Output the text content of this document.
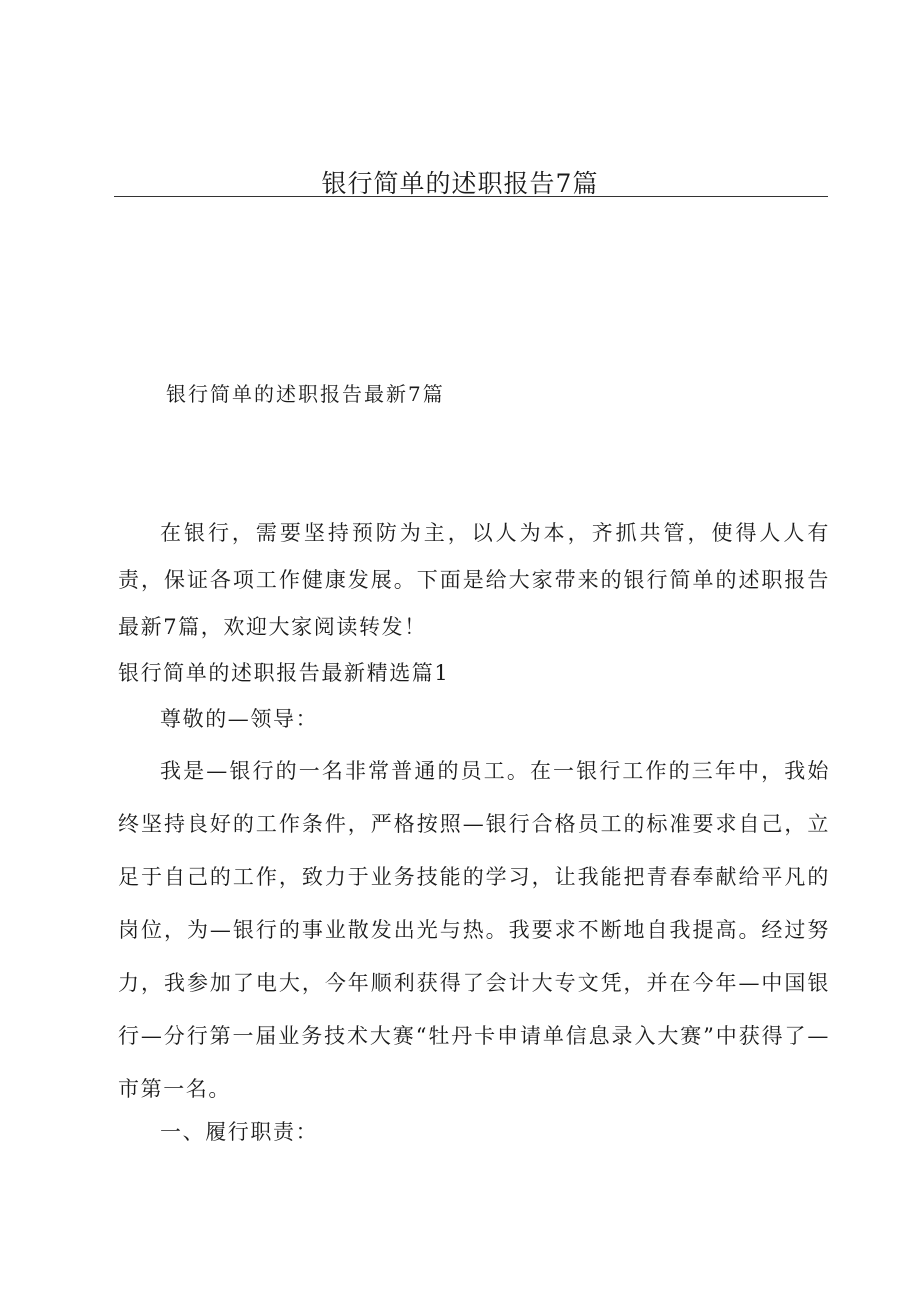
银行简单的述职报告7篇
银行简单的述职报告最新7篇

在银行，需要坚持预防为主，以人为本，齐抓共管，使得人人有责，保证各项工作健康发展。下面是给大家带来的银行简单的述职报告最新7篇，欢迎大家阅读转发！

银行简单的述职报告最新精选篇1

尊敬的—领导：

我是—银行的一名非常普通的员工。在一银行工作的三年中，我始终坚持良好的工作条件，严格按照—银行合格员工的标准要求自己，立足于自己的工作，致力于业务技能的学习，让我能把青春奉献给平凡的岗位，为—银行的事业散发出光与热。我要求不断地自我提高。经过努力，我参加了电大，今年顺利获得了会计大专文凭，并在今年—中国银行—分行第一届业务技术大赛“牡丹卡申请单信息录入大赛”中获得了—市第一名。

一、履行职责：
